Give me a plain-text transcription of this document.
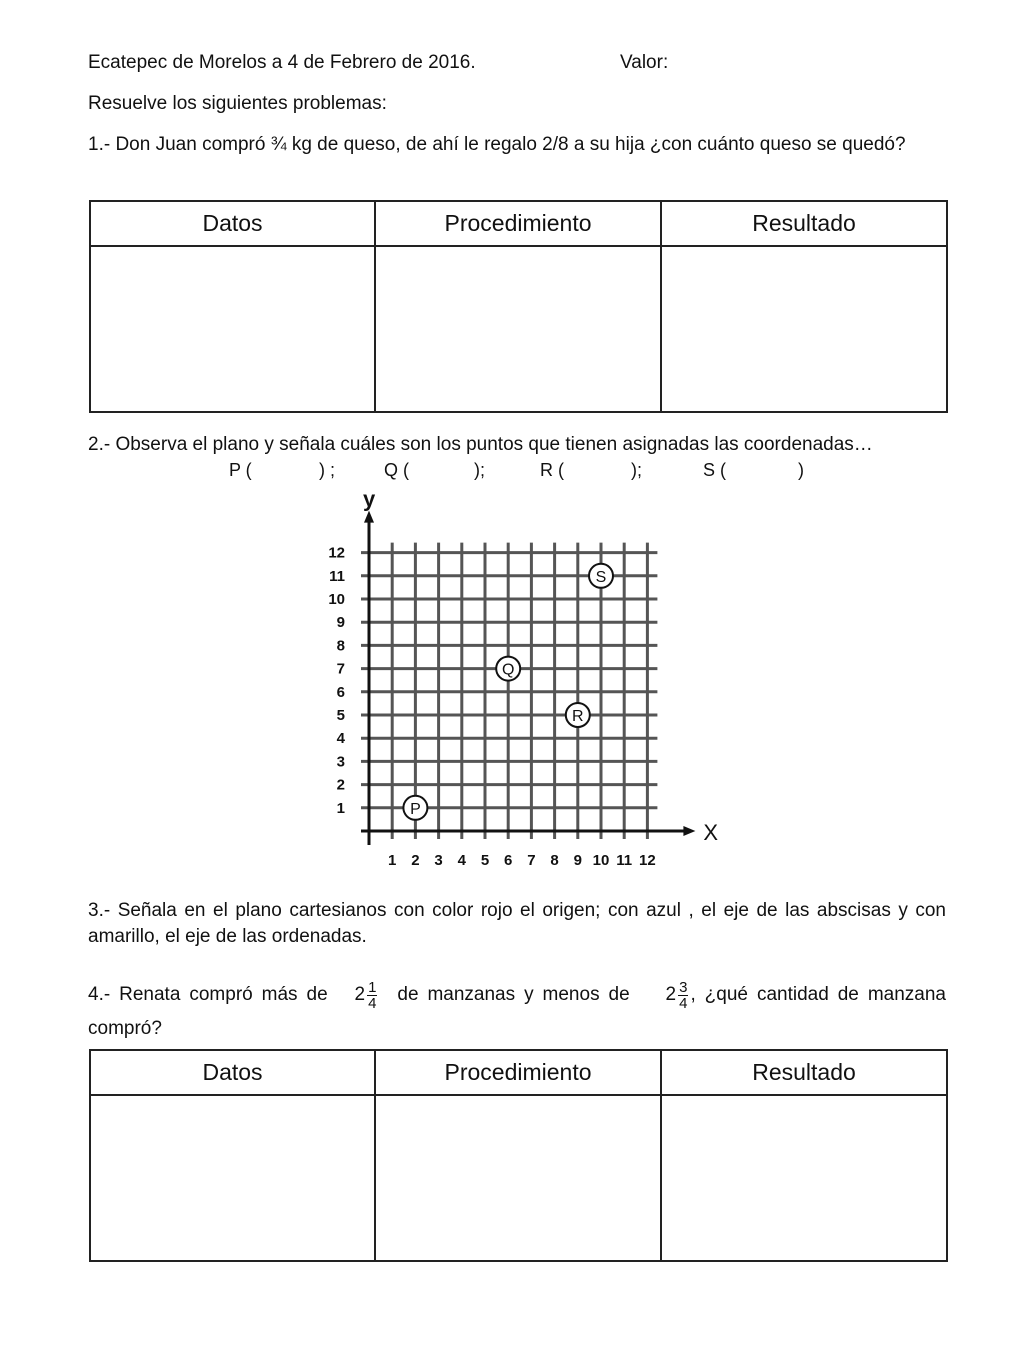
Ecatepec de Morelos a 4 de Febrero de 2016.	Valor:
Resuelve los siguientes problemas:
1.- Don Juan compró ¾ kg de queso, de ahí le regalo 2/8 a su hija ¿con cuánto queso se quedó?
Datos	Procedimiento	Resultado

2.- Observa el plano y señala cuáles son los puntos que tienen asignadas las coordenadas…
P (	) ;	Q (	);	R (	);	S (	)
X
y
1 2 3 4 5 6 7 8 9 10 11 12
1
2
3
4
5
6
7
8
9
10
11
12
P
Q
R
S
3.- Señala en el plano cartesianos con color rojo el origen; con azul , el eje de las abscisas y con amarillo, el eje de las ordenadas.
4.- Renata compró más de $2 \frac{1}{4}$ de manzanas y menos de $2 \frac{3}{4}$ , ¿qué cantidad de manzana compró?
Datos	Procedimiento	Resultado
